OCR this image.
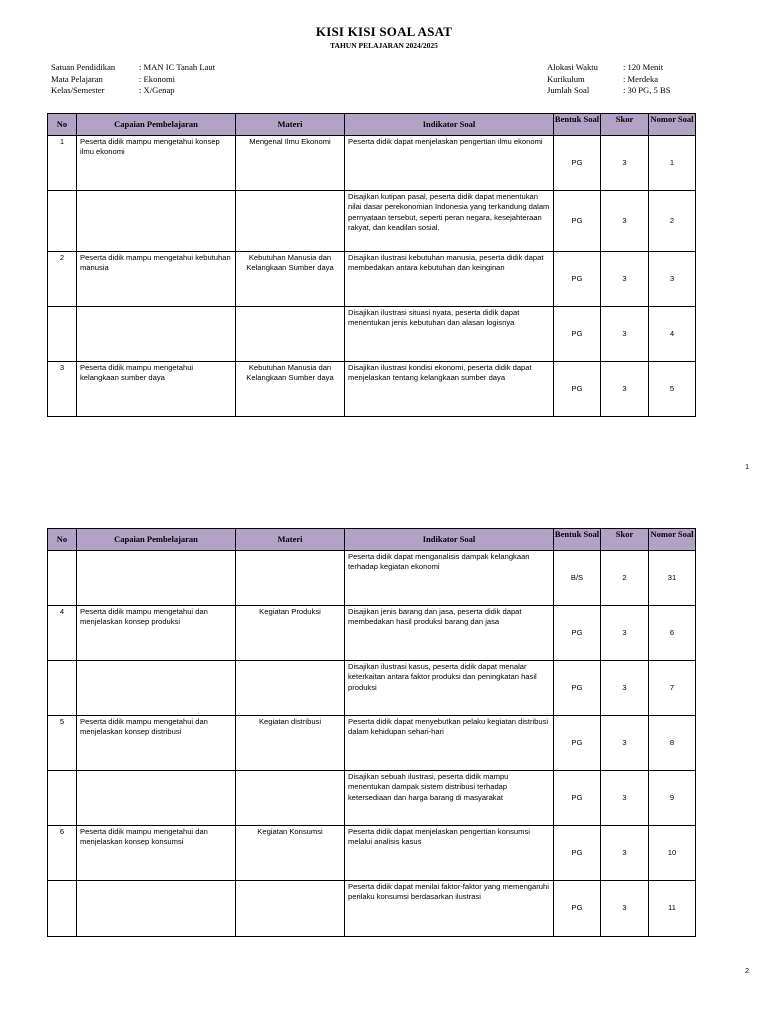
KISI KISI SOAL ASAT
TAHUN PELAJARAN 2024/2025
Satuan Pendidikan	: MAN IC Tanah Laut
Mata Pelajaran	: Ekonomi
Kelas/Semester	: X/Genap
Alokasi Waktu	: 120 Menit
Kurikulum	: Merdeka
Jumlah Soal	: 30 PG, 5 BS
No	Capaian Pembelajaran	Materi	Indikator Soal	Bentuk Soal	Skor	Nomor Soal
1	Peserta didik mampu mengetahui konsep ilmu ekonomi	Mengenal Ilmu Ekonomi	Peserta didik dapat menjelaskan pengertian ilmu ekonomi	PG	3	1
			Disajikan kutipan pasal, peserta didik dapat menentukan nilai dasar perekonomian Indonesia yang terkandung dalam pernyataan tersebut, seperti peran negara, kesejahteraan rakyat, dan keadilan sosial.	PG	3	2
2	Peserta didik mampu mengetahui kebutuhan manusia	Kebutuhan Manusia dan Kelangkaan Sumber daya	Disajikan ilustrasi kebutuhan manusia, peserta didik dapat membedakan antara kebutuhan dan keinginan	PG	3	3
			Disajikan ilustrasi situasi nyata, peserta didik dapat menentukan jenis kebutuhan dan alasan logisnya	PG	3	4
3	Peserta didik mampu mengetahui kelangkaan sumber daya	Kebutuhan Manusia dan Kelangkaan Sumber daya	Disajikan ilustrasi kondisi ekonomi, peserta didik dapat menjelaskan tentang kelangkaan sumber daya	PG	3	5
1
No	Capaian Pembelajaran	Materi	Indikator Soal	Bentuk Soal	Skor	Nomor Soal
			Peserta didik dapat menganalisis dampak kelangkaan terhadap kegiatan ekonomi	B/S	2	31
4	Peserta didik mampu mengetahui dan menjelaskan konsep produksi	Kegiatan Produksi	Disajikan jenis barang dan jasa, peserta didik dapat membedakan hasil produksi barang dan jasa	PG	3	6
			Disajikan ilustrasi kasus, peserta didik dapat menalar keterkaitan antara faktor produksi dan peningkatan hasil produksi	PG	3	7
5	Peserta didik mampu mengetahui dan menjelaskan konsep distribusi	Kegiatan distribusi	Peserta didik dapat menyebutkan pelaku kegiatan distribusi dalam kehidupan sehari-hari	PG	3	8
			Disajikan sebuah ilustrasi, peserta didik mampu menentukan dampak sistem distribusi terhadap ketersediaan dan harga barang di masyarakat	PG	3	9
6	Peserta didik mampu mengetahui dan menjelaskan konsep konsumsi	Kegiatan Konsumsi	Peserta didik dapat menjelaskan pengertian konsumsi melalui analisis kasus	PG	3	10
			Peserta didik dapat menilai faktor-faktor yang memengaruhi perilaku konsumsi berdasarkan ilustrasi	PG	3	11
2
